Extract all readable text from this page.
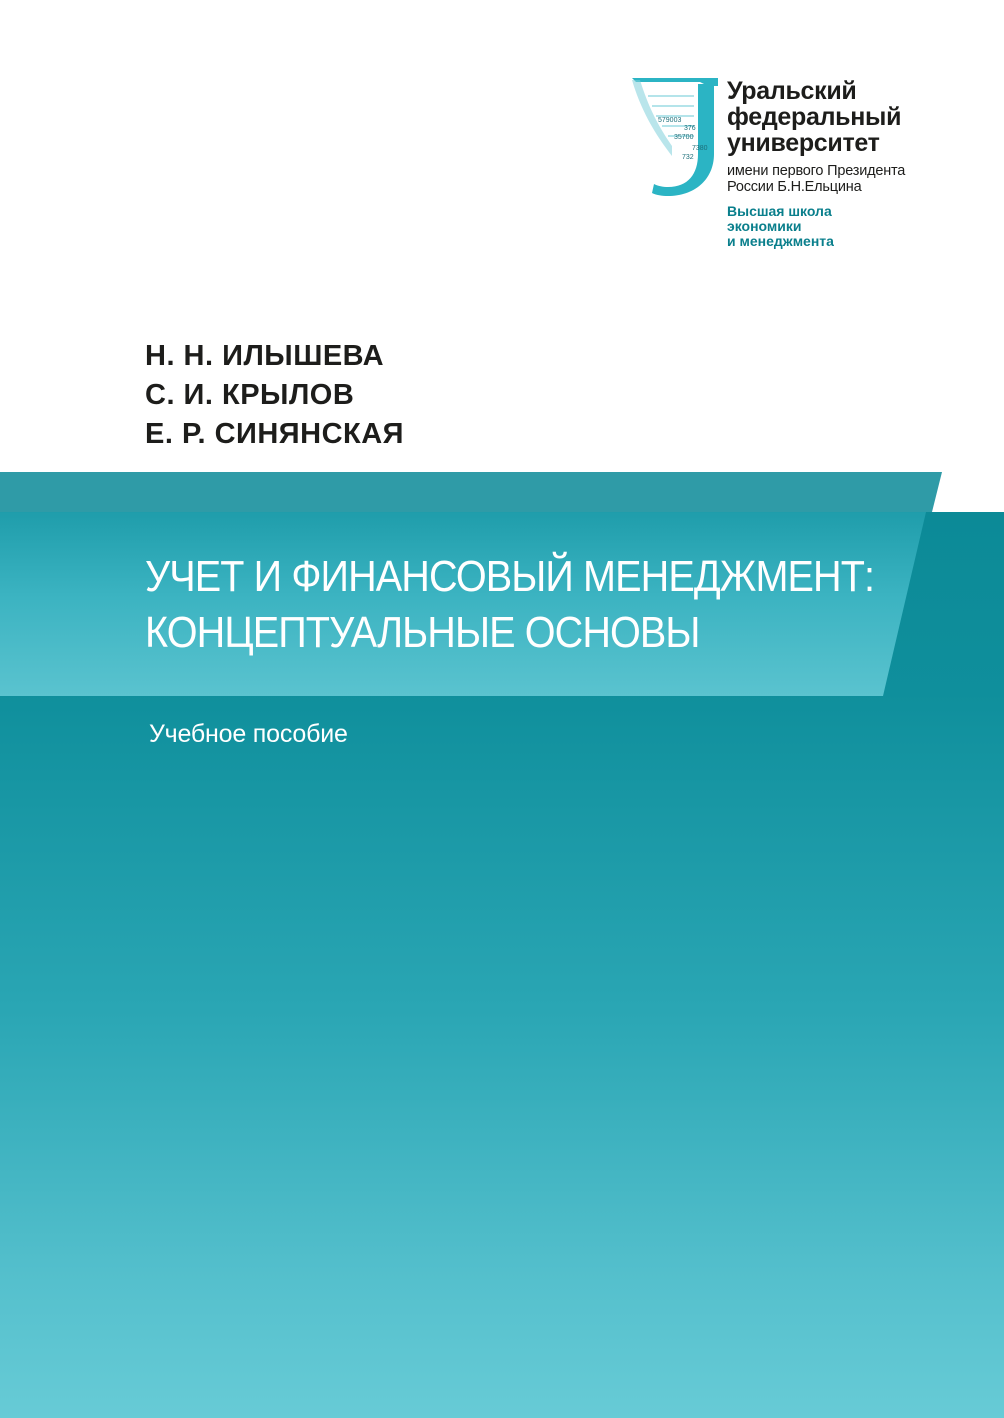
579003
376
35700
7380
732
Уральский
федеральный
университет
имени первого Президента
России Б.Н.Ельцина
Высшая школа
экономики
и менеджмента
Н. Н. ИЛЫШЕВА
С. И. КРЫЛОВ
Е. Р. СИНЯНСКАЯ
УЧЕТ И ФИНАНСОВЫЙ МЕНЕДЖМЕНТ:
КОНЦЕПТУАЛЬНЫЕ ОСНОВЫ
Учебное пособие
